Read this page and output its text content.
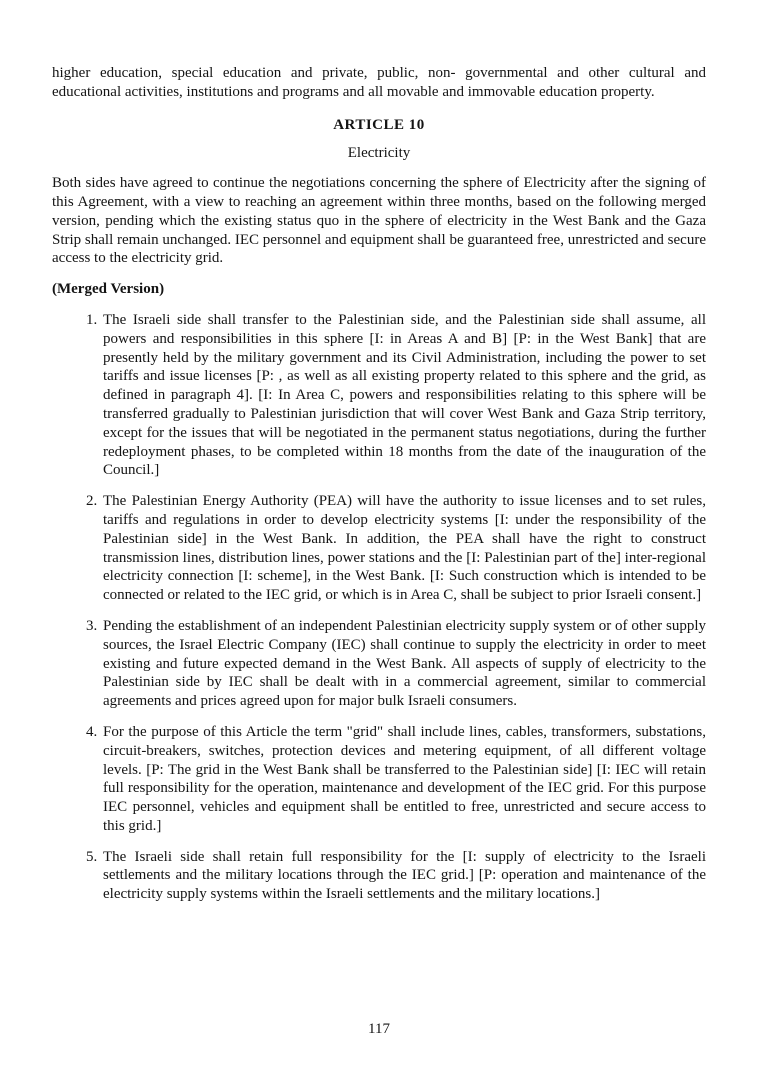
higher education, special education and private, public, non- governmental and other cultural and educational activities, institutions and programs and all movable and immovable education property.

ARTICLE 10

Electricity

Both sides have agreed to continue the negotiations concerning the sphere of Electricity after the signing of this Agreement, with a view to reaching an agreement within three months, based on the following merged version, pending which the existing status quo in the sphere of electricity in the West Bank and the Gaza Strip shall remain unchanged. IEC personnel and equipment shall be guaranteed free, unrestricted and secure access to the electricity grid.

(Merged Version)

1. The Israeli side shall transfer to the Palestinian side, and the Palestinian side shall assume, all powers and responsibilities in this sphere [I: in Areas A and B] [P: in the West Bank] that are presently held by the military government and its Civil Administration, including the power to set tariffs and issue licenses [P: , as well as all existing property related to this sphere and the grid, as defined in paragraph 4]. [I: In Area C, powers and responsibilities relating to this sphere will be transferred gradually to Palestinian jurisdiction that will cover West Bank and Gaza Strip territory, except for the issues that will be negotiated in the permanent status negotiations, during the further redeployment phases, to be completed within 18 months from the date of the inauguration of the Council.]
2. The Palestinian Energy Authority (PEA) will have the authority to issue licenses and to set rules, tariffs and regulations in order to develop electricity systems [I: under the responsibility of the Palestinian side] in the West Bank. In addition, the PEA shall have the right to construct transmission lines, distribution lines, power stations and the [I: Palestinian part of the] inter-regional electricity connection [I: scheme], in the West Bank. [I: Such construction which is intended to be connected or related to the IEC grid, or which is in Area C, shall be subject to prior Israeli consent.]
3. Pending the establishment of an independent Palestinian electricity supply system or of other supply sources, the Israel Electric Company (IEC) shall continue to supply the electricity in order to meet existing and future expected demand in the West Bank. All aspects of supply of electricity to the Palestinian side by IEC shall be dealt with in a commercial agreement, similar to commercial agreements and prices agreed upon for major bulk Israeli consumers.
4. For the purpose of this Article the term "grid" shall include lines, cables, transformers, substations, circuit-breakers, switches, protection devices and metering equipment, of all different voltage levels. [P: The grid in the West Bank shall be transferred to the Palestinian side] [I: IEC will retain full responsibility for the operation, maintenance and development of the IEC grid. For this purpose IEC personnel, vehicles and equipment shall be entitled to free, unrestricted and secure access to this grid.]
5. The Israeli side shall retain full responsibility for the [I: supply of electricity to the Israeli settlements and the military locations through the IEC grid.] [P: operation and maintenance of the electricity supply systems within the Israeli settlements and the military locations.]

117
